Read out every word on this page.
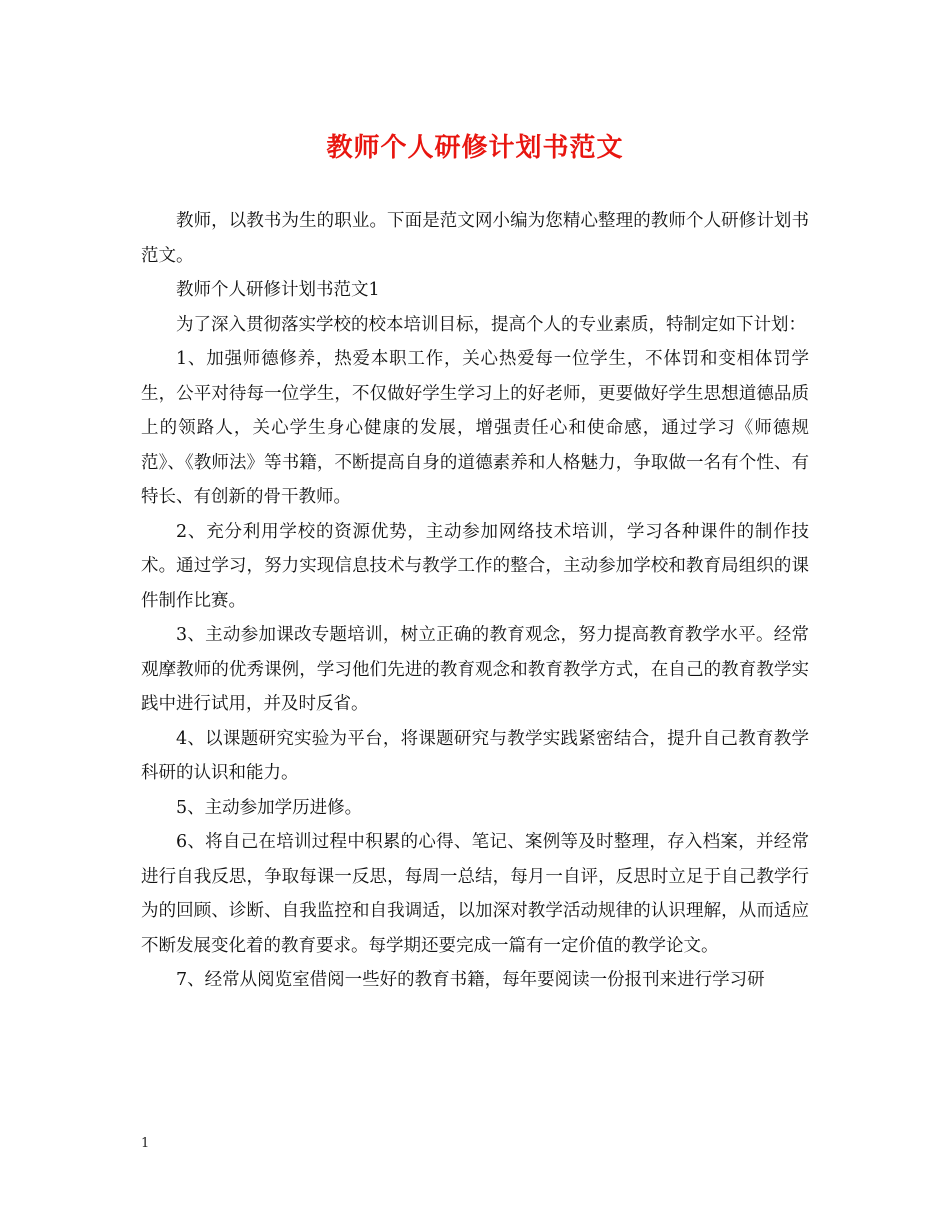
教师个人研修计划书范文

教师，以教书为生的职业。下面是范文网小编为您精心整理的教师个人研修计划书范文。

教师个人研修计划书范文1

为了深入贯彻落实学校的校本培训目标，提高个人的专业素质，特制定如下计划：

1、加强师德修养，热爱本职工作，关心热爱每一位学生，不体罚和变相体罚学生，公平对待每一位学生，不仅做好学生学习上的好老师，更要做好学生思想道德品质上的领路人，关心学生身心健康的发展，增强责任心和使命感，通过学习《师德规范》、《教师法》等书籍，不断提高自身的道德素养和人格魅力，争取做一名有个性、有特长、有创新的骨干教师。

2、充分利用学校的资源优势，主动参加网络技术培训，学习各种课件的制作技术。通过学习，努力实现信息技术与教学工作的整合，主动参加学校和教育局组织的课件制作比赛。

3、主动参加课改专题培训，树立正确的教育观念，努力提高教育教学水平。经常观摩教师的优秀课例，学习他们先进的教育观念和教育教学方式，在自己的教育教学实践中进行试用，并及时反省。

4、以课题研究实验为平台，将课题研究与教学实践紧密结合，提升自己教育教学科研的认识和能力。

5、主动参加学历进修。

6、将自己在培训过程中积累的心得、笔记、案例等及时整理，存入档案，并经常进行自我反思，争取每课一反思，每周一总结，每月一自评，反思时立足于自己教学行为的回顾、诊断、自我监控和自我调适，以加深对教学活动规律的认识理解，从而适应不断发展变化着的教育要求。每学期还要完成一篇有一定价值的教学论文。

7、经常从阅览室借阅一些好的教育书籍，每年要阅读一份报刊来进行学习研

1
